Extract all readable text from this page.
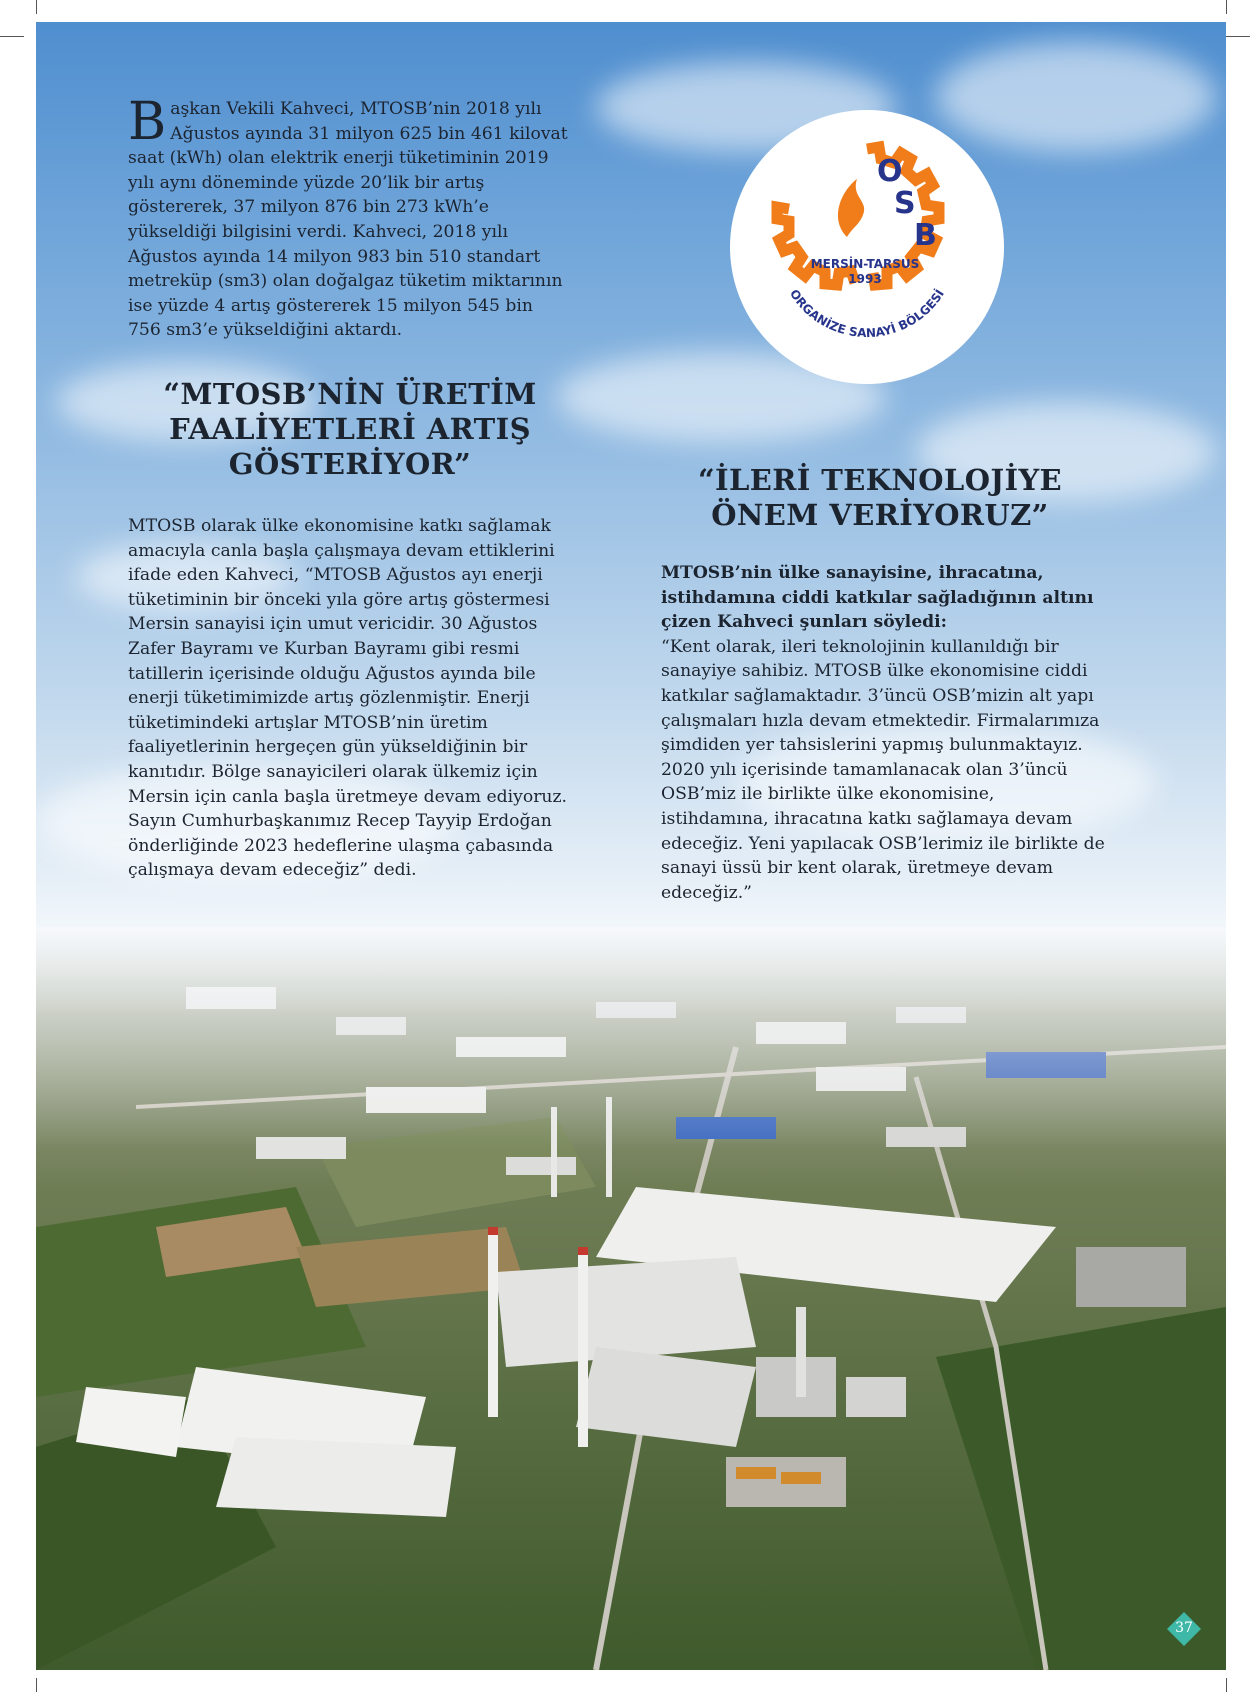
Başkan Vekili Kahveci, MTOSB’nin 2018 yılı Ağustos ayında 31 milyon 625 bin 461 kilovat saat (kWh) olan elektrik enerji tüketiminin 2019 yılı aynı döneminde yüzde 20’lik bir artış göstererek, 37 milyon 876 bin 273 kWh’e yükseldiği bilgisini verdi. Kahveci, 2018 yılı Ağustos ayında 14 milyon 983 bin 510 standart metreküp (sm3) olan doğalgaz tüketim miktarının ise yüzde 4 artış göstererek 15 milyon 545 bin 756 sm3’e yükseldiğini aktardı.
“MTOSB’NİN ÜRETİM FAALİYETLERİ ARTIŞ GÖSTERİYOR”
MTOSB olarak ülke ekonomisine katkı sağlamak amacıyla canla başla çalışmaya devam ettiklerini ifade eden Kahveci, “MTOSB Ağustos ayı enerji tüketiminin bir önceki yıla göre artış göstermesi Mersin sanayisi için umut vericidir. 30 Ağustos Zafer Bayramı ve Kurban Bayramı gibi resmi tatillerin içerisinde olduğu Ağustos ayında bile enerji tüketimimizde artış gözlenmiştir. Enerji tüketimindeki artışlar MTOSB’nin üretim faaliyetlerinin hergeçen gün yükseldiğinin bir kanıtıdır. Bölge sanayicileri olarak ülkemiz için Mersin için canla başla üretmeye devam ediyoruz. Sayın Cumhurbaşkanımız Recep Tayyip Erdoğan önderliğinde 2023 hedeflerine ulaşma çabasında çalışmaya devam edeceğiz” dedi.
“İLERİ TEKNOLOJİYE ÖNEM VERİYORUZ”
MTOSB’nin ülke sanayisine, ihracatına, istihdamına ciddi katkılar sağladığının altını çizen Kahveci şunları söyledi:
“Kent olarak, ileri teknolojinin kullanıldığı bir sanayiye sahibiz. MTOSB ülke ekonomisine ciddi katkılar sağlamaktadır. 3’üncü OSB’mizin alt yapı çalışmaları hızla devam etmektedir. Firmalarımıza şimdiden yer tahsislerini yapmış bulunmaktayız. 2020 yılı içerisinde tamamlanacak olan 3’üncü OSB’miz ile birlikte ülke ekonomisine, istihdamına, ihracatına katkı sağlamaya devam edeceğiz. Yeni yapılacak OSB’lerimiz ile birlikte de sanayi üssü bir kent olarak, üretmeye devam edeceğiz.”
O
S
B
MERSİN-TARSUS
1993
ORGANİZE SANAYİ BÖLGESİ
37
